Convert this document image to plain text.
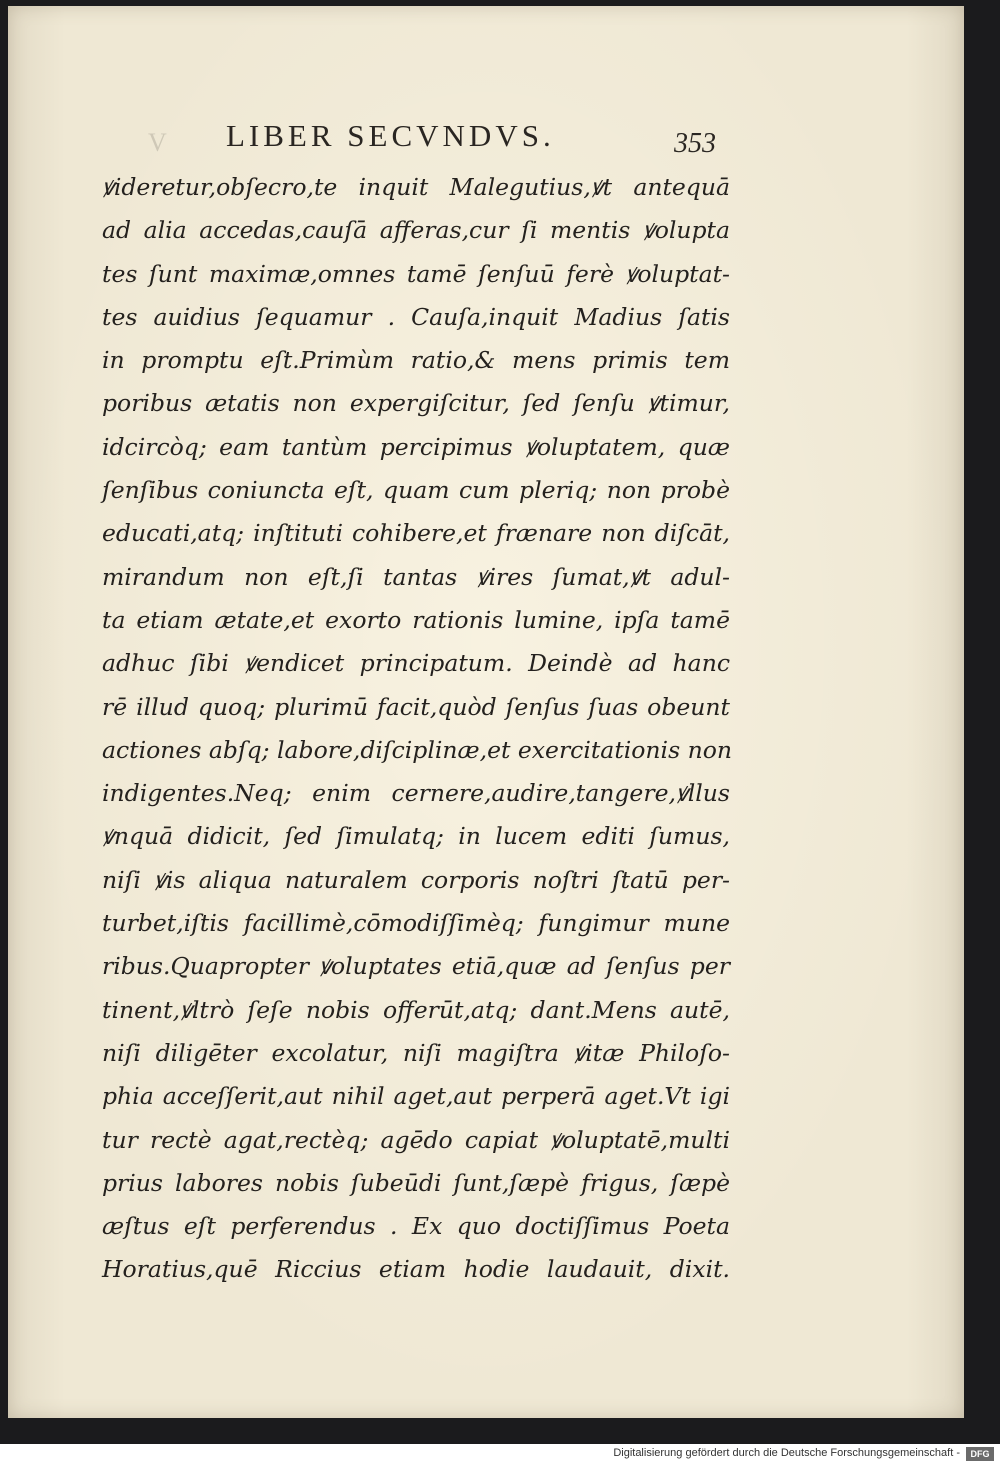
V LIBER SECVNDVS.	353
ꝟideretur,obſecro,te inquit Malegutius,ꝟt antequā
ad alia accedas,cauſā afferas,cur ſi mentis ꝟolupta
tes ſunt maximæ,omnes tamē ſenſuū ferè ꝟoluptat-
tes auidius ſequamur . Cauſa,inquit Madius ſatis
in promptu eſt.Primùm ratio,& mens primis tem
poribus ætatis non expergiſcitur, ſed ſenſu ꝟtimur,
idcircòq; eam tantùm percipimus ꝟoluptatem, quæ
ſenſibus coniuncta eſt, quam cum pleriq; non probè
educati,atq; inſtituti cohibere,et frænare non diſcāt,
mirandum non eſt,ſi tantas ꝟires ſumat,ꝟt adul-
ta etiam ætate,et exorto rationis lumine, ipſa tamē
adhuc ſibi ꝟendicet principatum. Deindè ad hanc
rē illud quoq; plurimū facit,quòd ſenſus ſuas obeunt
actiones abſq; labore,diſciplinæ,et exercitationis non
indigentes.Neq; enim cernere,audire,tangere,ꝟllus
ꝟnquā didicit, ſed ſimulatq; in lucem editi ſumus,
niſi ꝟis aliqua naturalem corporis noſtri ſtatū per-
turbet,iſtis facillimè,cōmodiſſimèq; fungimur mune
ribus.Quapropter ꝟoluptates etiā,quæ ad ſenſus per
tinent,ꝟltrò ſeſe nobis offerūt,atq; dant.Mens autē,
niſi diligēter excolatur, niſi magiſtra ꝟitæ Philoſo-
phia acceſſerit,aut nihil aget,aut perperā aget.Vt igi
tur rectè agat,rectèq; agēdo capiat ꝟoluptatē,multi
prius labores nobis ſubeūdi ſunt,ſæpè frigus, ſæpè
æſtus eſt perferendus . Ex quo doctiſſimus Poeta
Horatius,quē Riccius etiam hodie laudauit, dixit.
Digitalisierung gefördert durch die Deutsche Forschungsgemeinschaft -	DFG
